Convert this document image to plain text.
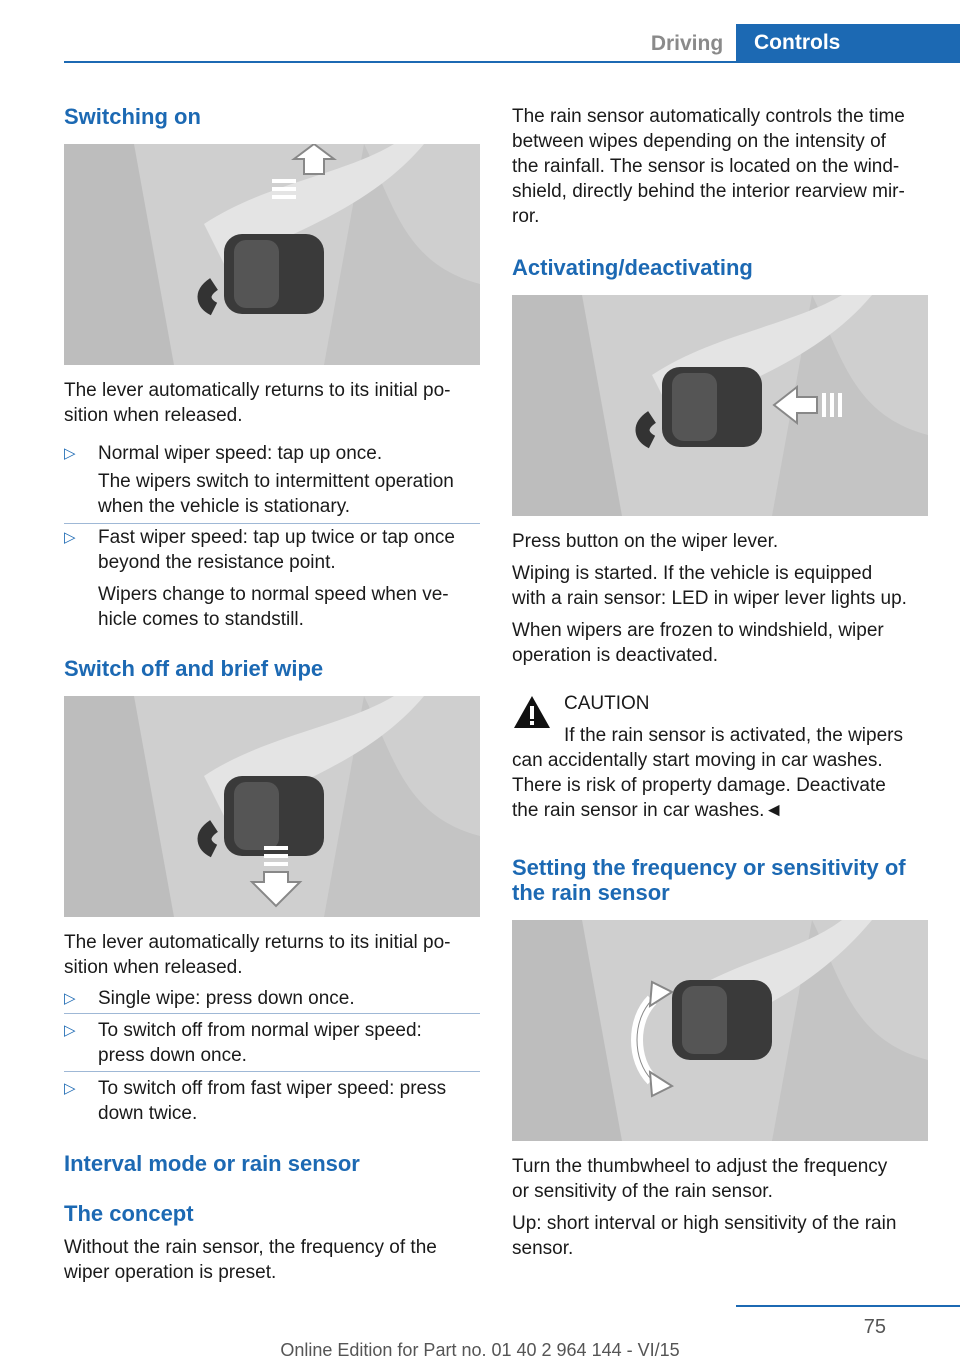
Driving	Controls
Switching on
The lever automatically returns to its initial po-
sition when released.
▷ Normal wiper speed: tap up once.
The wipers switch to intermittent operation
when the vehicle is stationary.
▷ Fast wiper speed: tap up twice or tap once
beyond the resistance point.
Wipers change to normal speed when ve-
hicle comes to standstill.
Switch off and brief wipe
The lever automatically returns to its initial po-
sition when released.
▷ Single wipe: press down once.
▷ To switch off from normal wiper speed:
press down once.
▷ To switch off from fast wiper speed: press
down twice.
Interval mode or rain sensor
The concept
Without the rain sensor, the frequency of the
wiper operation is preset.
The rain sensor automatically controls the time
between wipes depending on the intensity of
the rainfall. The sensor is located on the wind-
shield, directly behind the interior rearview mir-
ror.
Activating/deactivating
Press button on the wiper lever.
Wiping is started. If the vehicle is equipped
with a rain sensor: LED in wiper lever lights up.
When wipers are frozen to windshield, wiper
operation is deactivated.
CAUTION
If the rain sensor is activated, the wipers
can accidentally start moving in car washes.
There is risk of property damage. Deactivate
the rain sensor in car washes.◄
Setting the frequency or sensitivity of
the rain sensor
Turn the thumbwheel to adjust the frequency
or sensitivity of the rain sensor.
Up: short interval or high sensitivity of the rain
sensor.
75
Online Edition for Part no. 01 40 2 964 144 - VI/15
